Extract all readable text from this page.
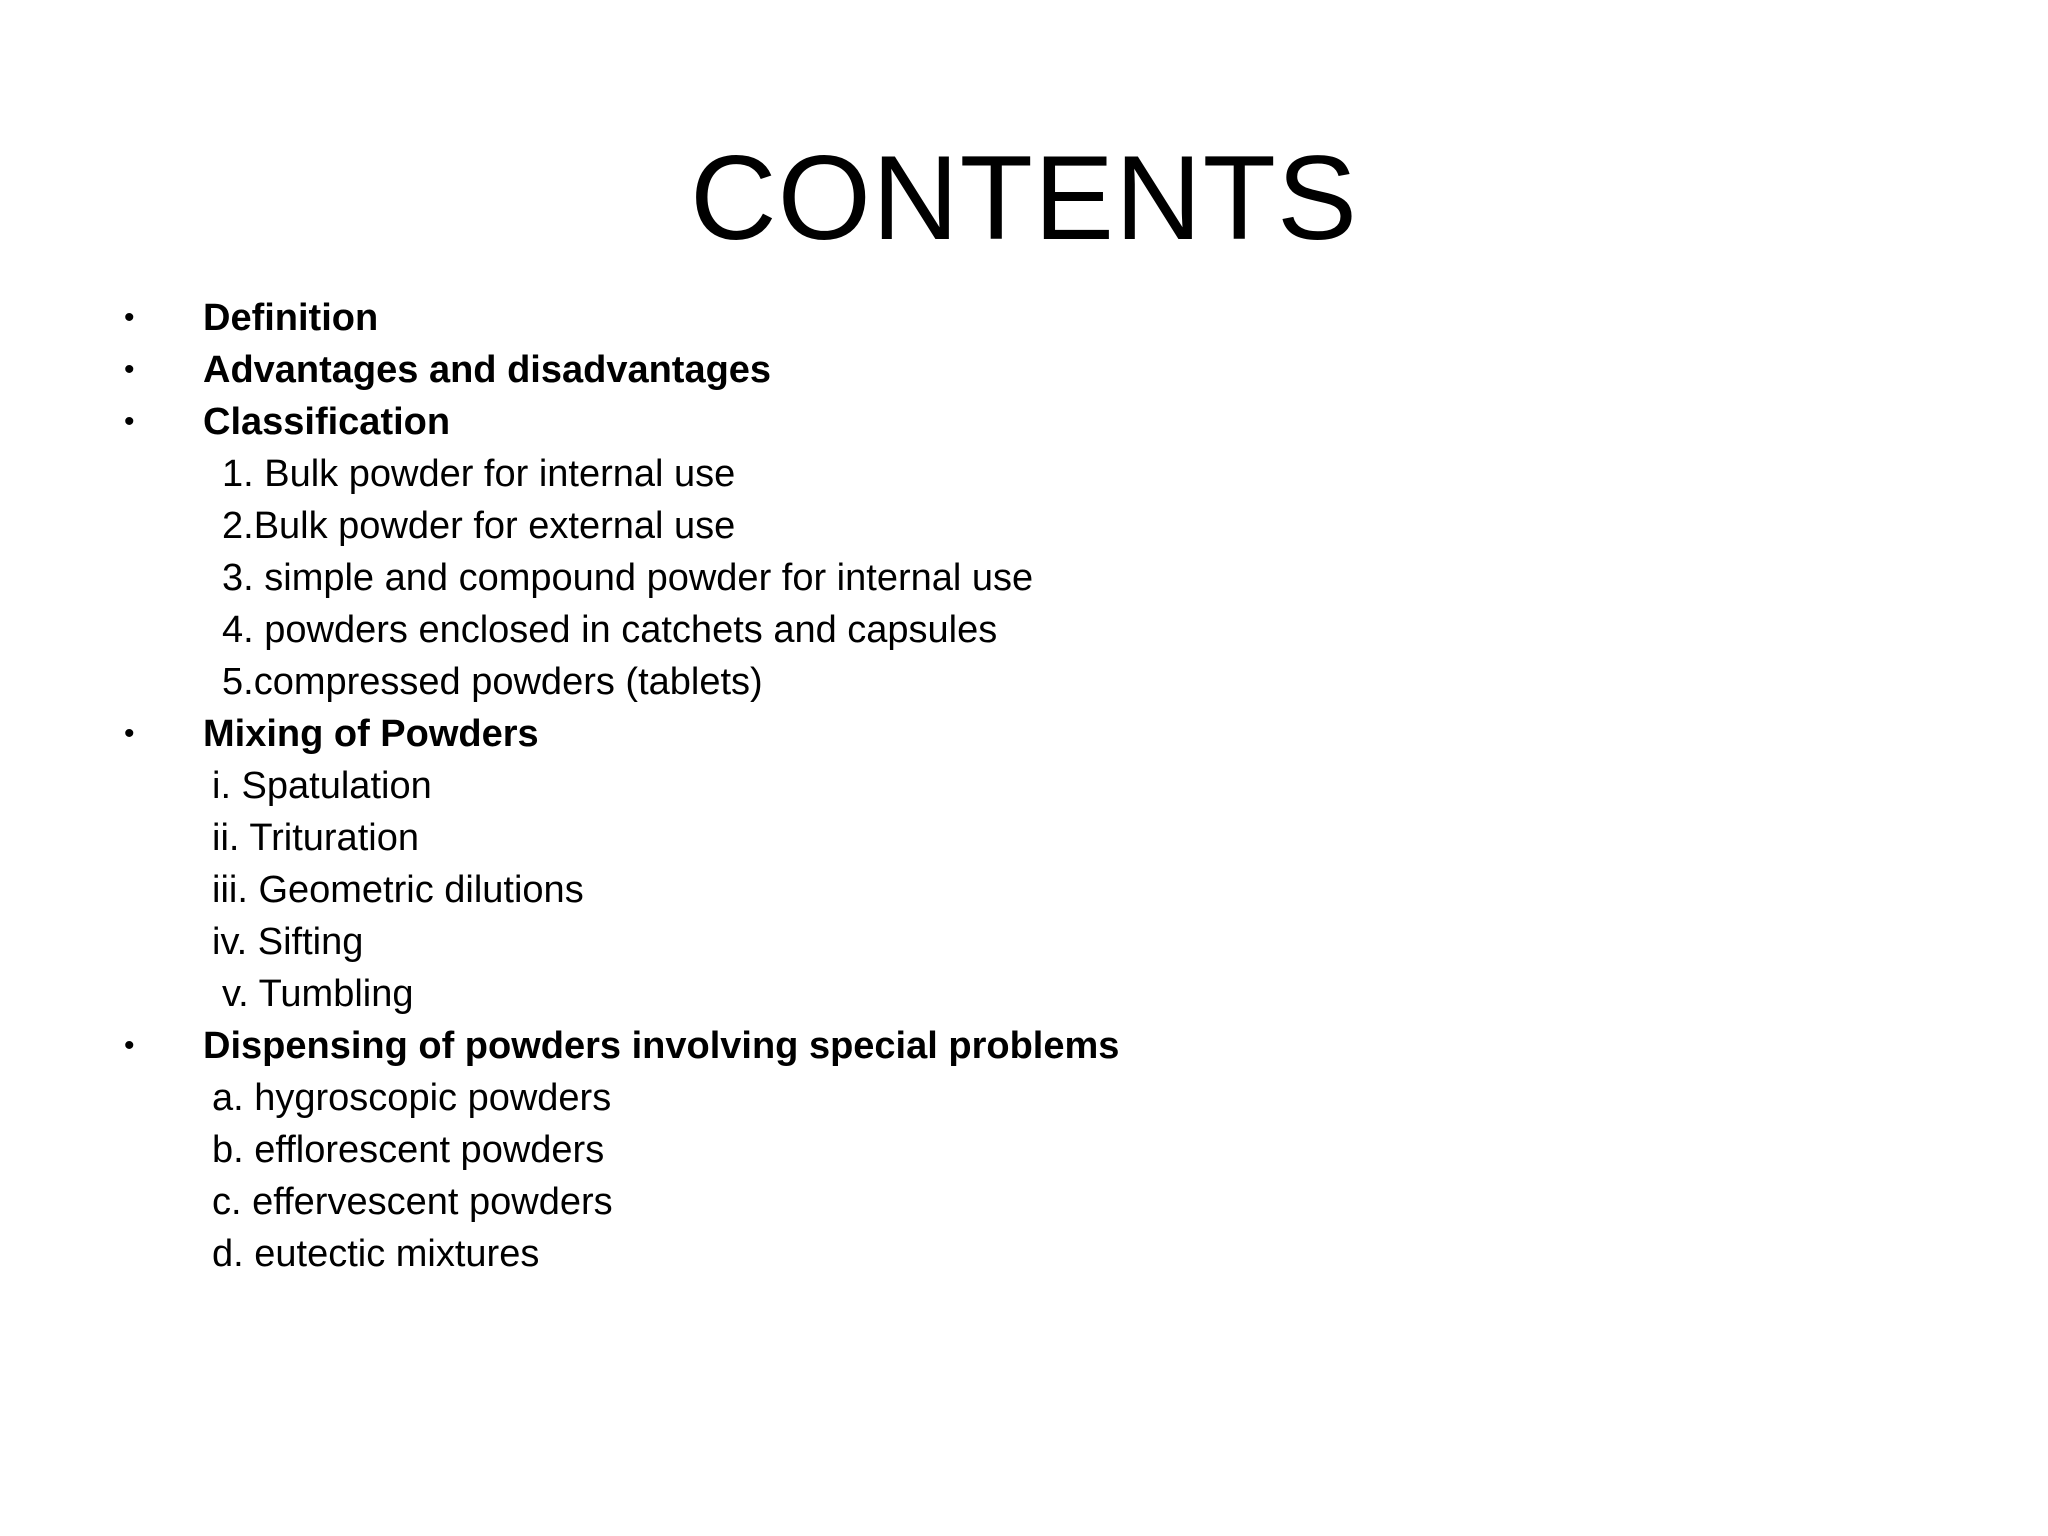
CONTENTS
• Definition
• Advantages and disadvantages
• Classification
1. Bulk powder for internal use
2.Bulk powder for external use
3. simple and compound powder for internal use
4. powders enclosed in catchets and capsules
5.compressed powders (tablets)
• Mixing of Powders
i. Spatulation
ii. Trituration
iii. Geometric dilutions
iv. Sifting
v. Tumbling
• Dispensing of powders involving special problems
a. hygroscopic powders
b. efflorescent powders
c. effervescent powders
d. eutectic mixtures
